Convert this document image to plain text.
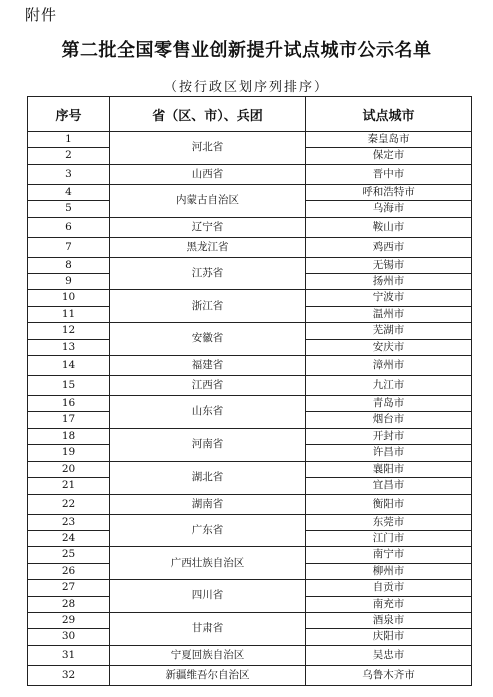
附件
第二批全国零售业创新提升试点城市公示名单
（按行政区划序列排序）
序号	省（区、市）、兵团	试点城市
1	河北省	秦皇岛市
2		保定市
3	山西省	晋中市
4	内蒙古自治区	呼和浩特市
5		乌海市
6	辽宁省	鞍山市
7	黑龙江省	鸡西市
8	江苏省	无锡市
9		扬州市
10	浙江省	宁波市
11		温州市
12	安徽省	芜湖市
13		安庆市
14	福建省	漳州市
15	江西省	九江市
16	山东省	青岛市
17		烟台市
18	河南省	开封市
19		许昌市
20	湖北省	襄阳市
21		宜昌市
22	湖南省	衡阳市
23	广东省	东莞市
24		江门市
25	广西壮族自治区	南宁市
26		柳州市
27	四川省	自贡市
28		南充市
29	甘肃省	酒泉市
30		庆阳市
31	宁夏回族自治区	吴忠市
32	新疆维吾尔自治区	乌鲁木齐市
